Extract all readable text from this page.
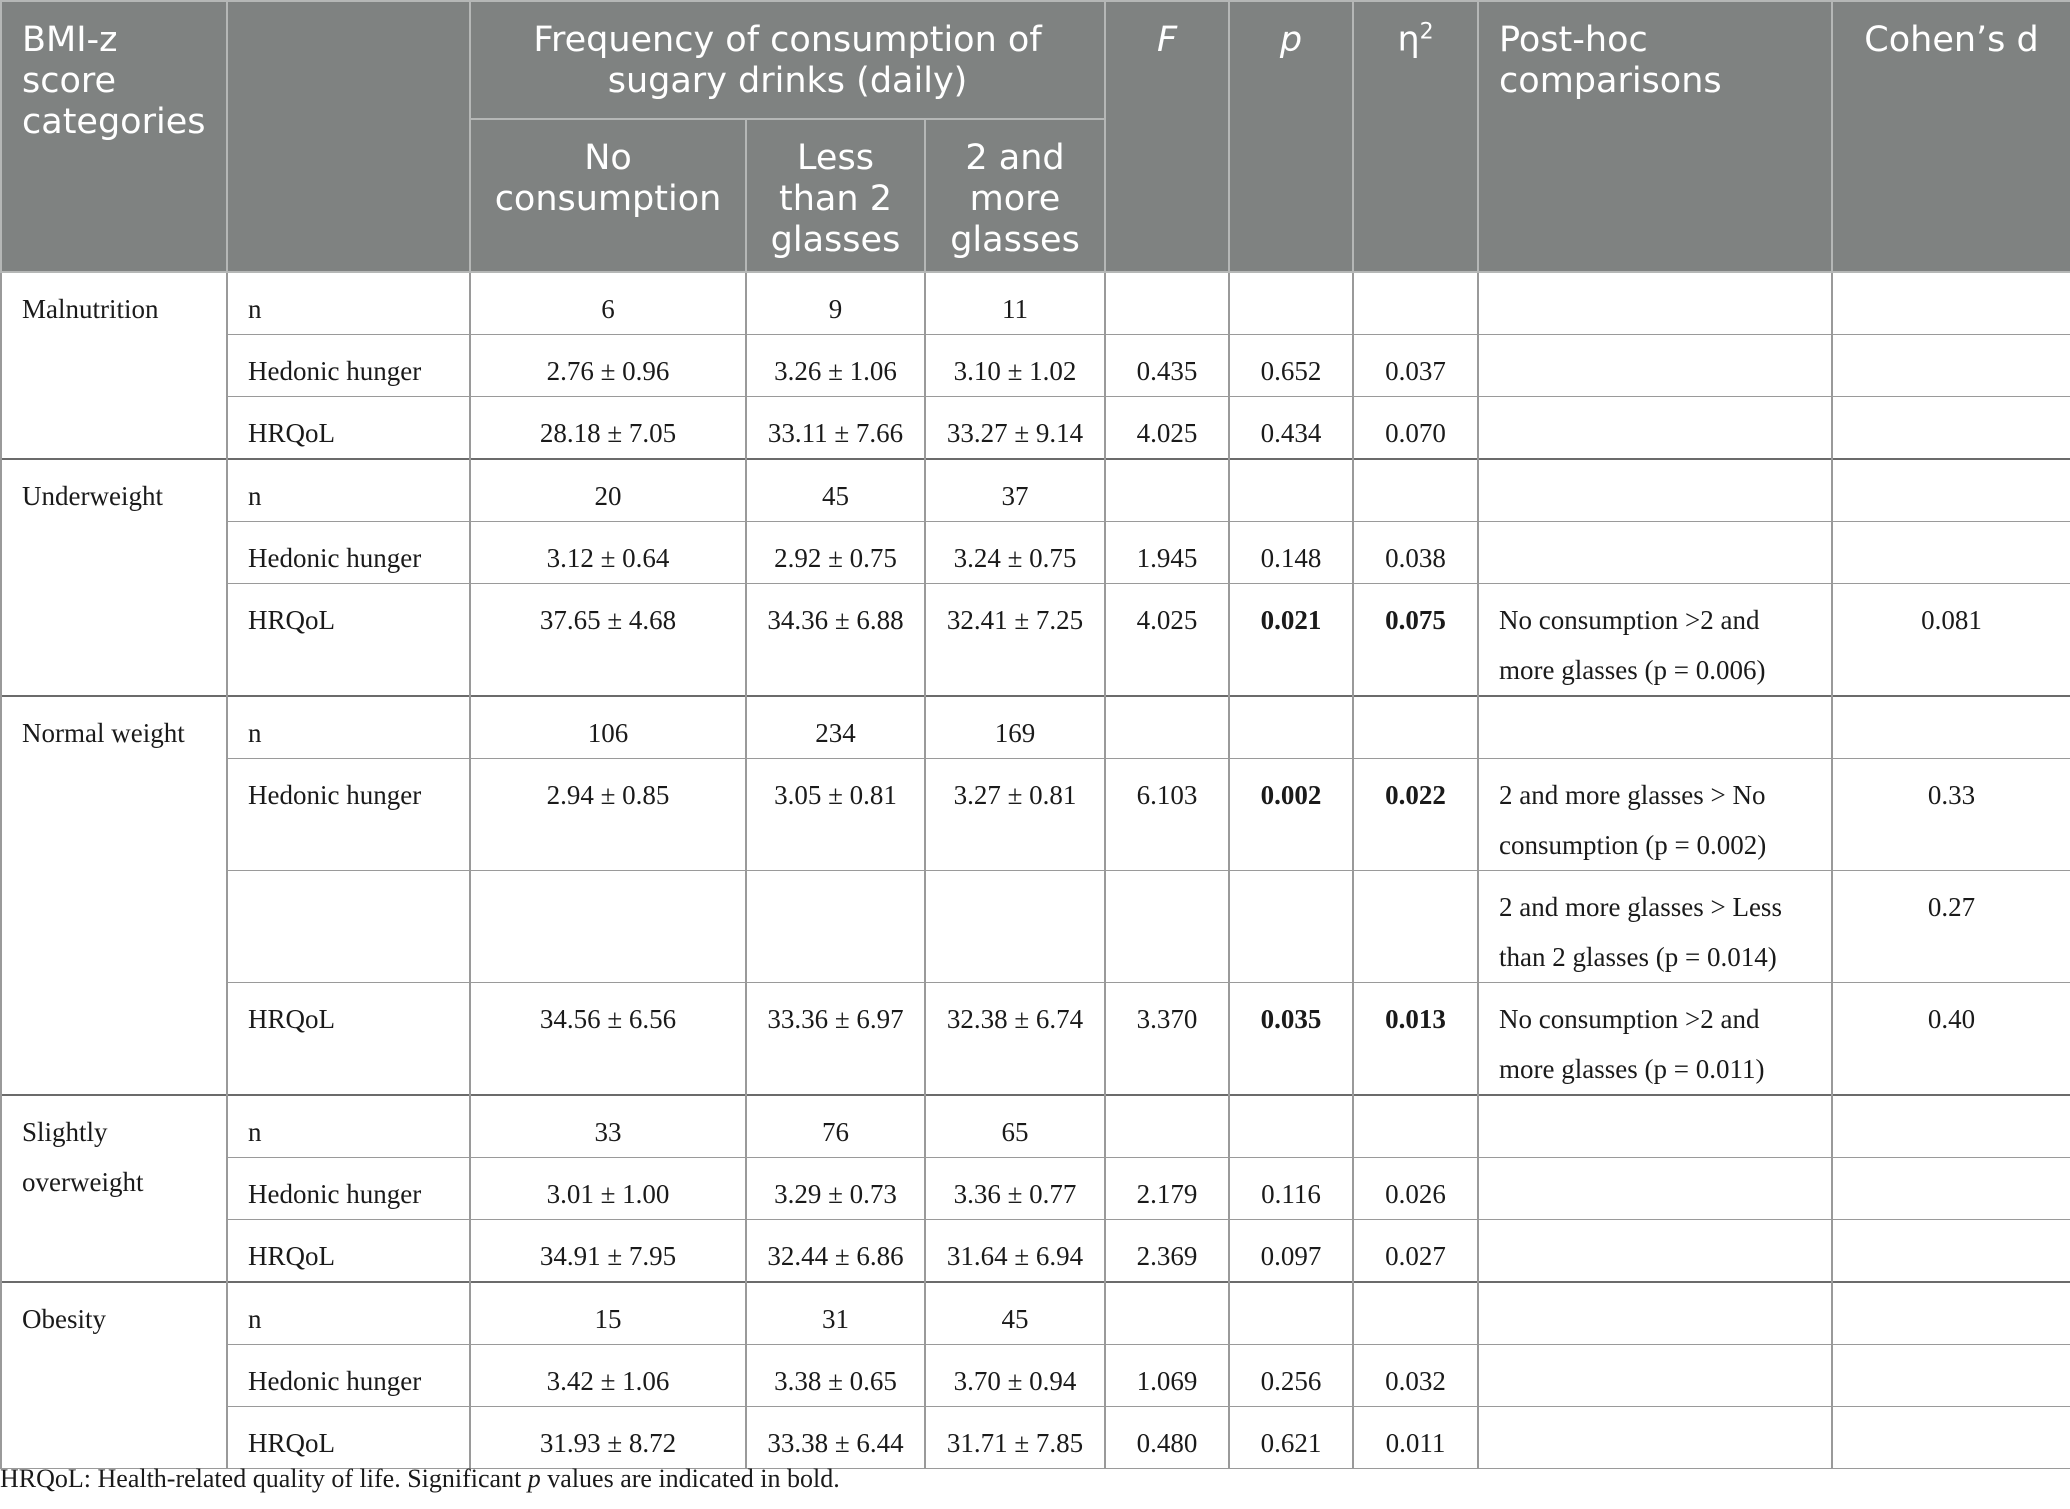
BMI-z score categories		Frequency of consumption of sugary drinks (daily)			F	p	$\eta^2$	Post-hoc comparisons	Cohen’s d
		No consumption	Less than 2 glasses	2 and more glasses					
Malnutrition	n	6	9	11					
	Hedonic hunger	2.76 ± 0.96	3.26 ± 1.06	3.10 ± 1.02	0.435	0.652	0.037		
	HRQoL	28.18 ± 7.05	33.11 ± 7.66	33.27 ± 9.14	4.025	0.434	0.070		
Underweight	n	20	45	37					
	Hedonic hunger	3.12 ± 0.64	2.92 ± 0.75	3.24 ± 0.75	1.945	0.148	0.038		
	HRQoL	37.65 ± 4.68	34.36 ± 6.88	32.41 ± 7.25	4.025	0.021	0.075	No consumption >2 and more glasses (p = 0.006)	0.081
Normal weight	n	106	234	169					
	Hedonic hunger	2.94 ± 0.85	3.05 ± 0.81	3.27 ± 0.81	6.103	0.002	0.022	2 and more glasses > No consumption (p = 0.002)	0.33
								2 and more glasses > Less than 2 glasses (p = 0.014)	0.27
	HRQoL	34.56 ± 6.56	33.36 ± 6.97	32.38 ± 6.74	3.370	0.035	0.013	No consumption >2 and more glasses (p = 0.011)	0.40
Slightly overweight	n	33	76	65					
	Hedonic hunger	3.01 ± 1.00	3.29 ± 0.73	3.36 ± 0.77	2.179	0.116	0.026		
	HRQoL	34.91 ± 7.95	32.44 ± 6.86	31.64 ± 6.94	2.369	0.097	0.027		
Obesity	n	15	31	45					
	Hedonic hunger	3.42 ± 1.06	3.38 ± 0.65	3.70 ± 0.94	1.069	0.256	0.032		
	HRQoL	31.93 ± 8.72	33.38 ± 6.44	31.71 ± 7.85	0.480	0.621	0.011		
HRQoL: Health-related quality of life. Significant p values are indicated in bold.
